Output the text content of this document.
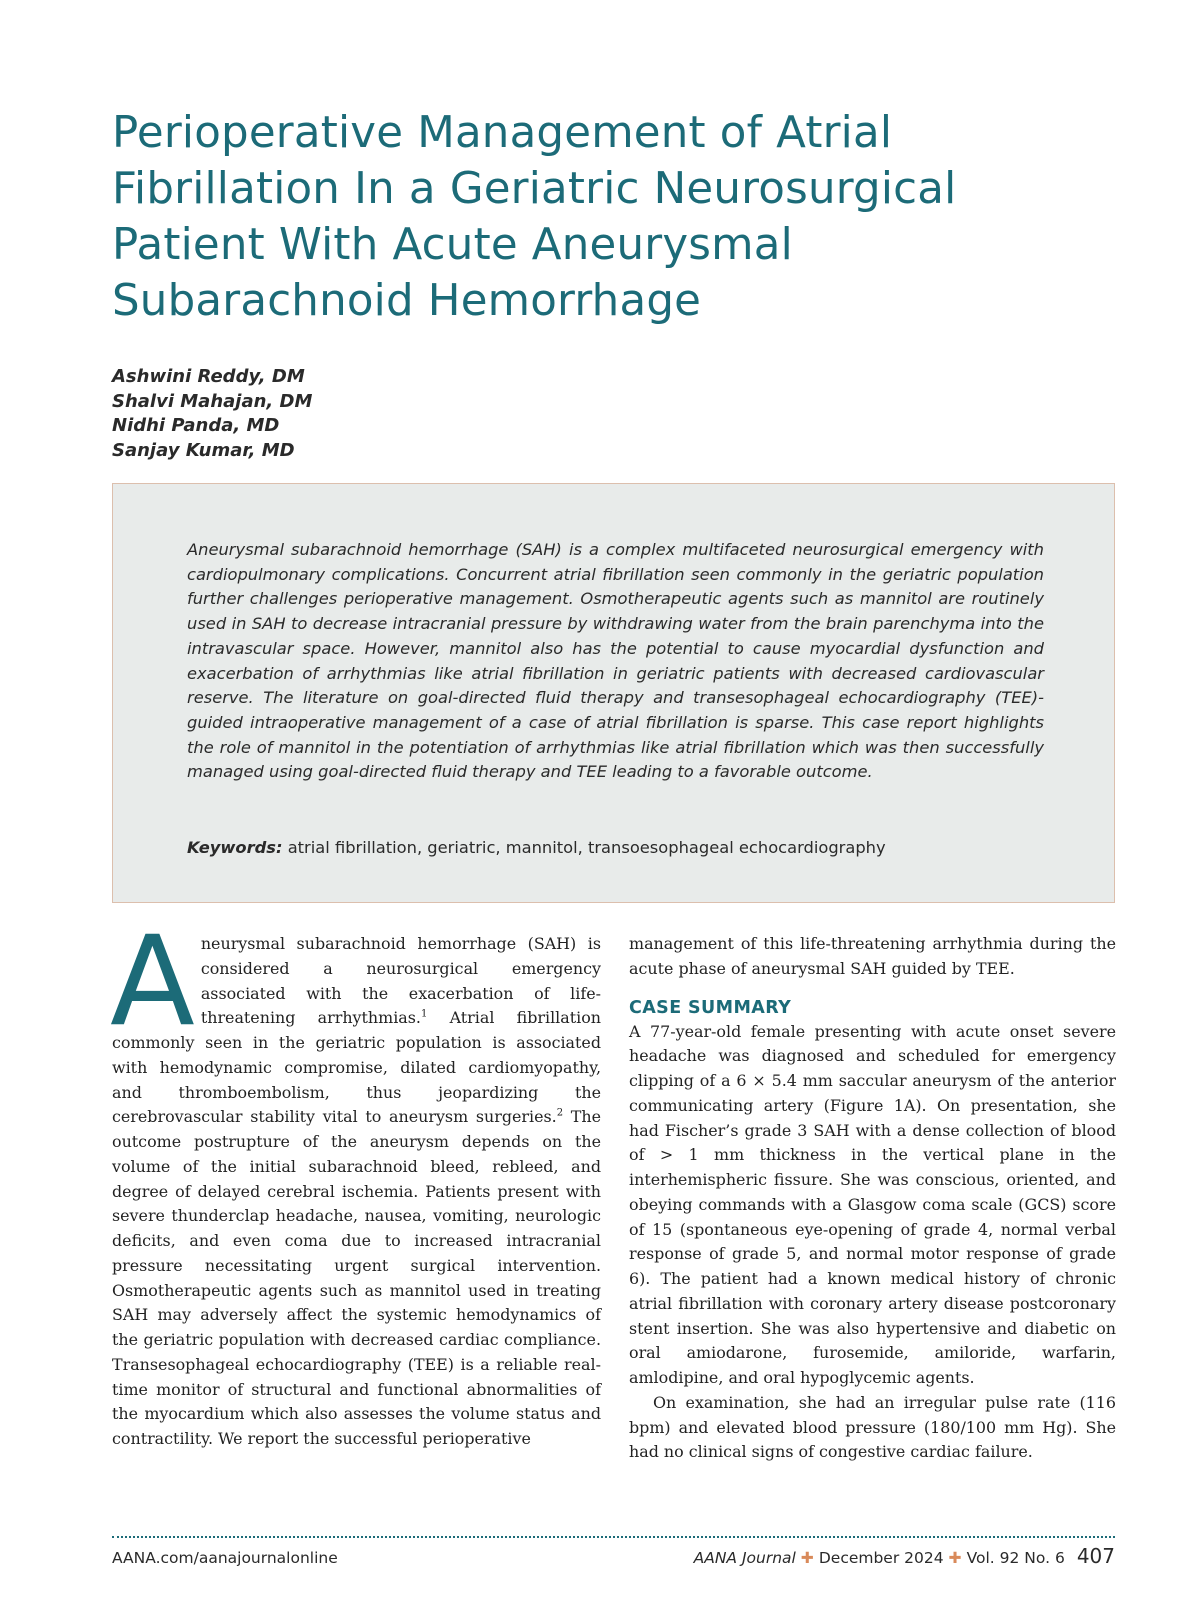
Perioperative Management of Atrial Fibrillation In a Geriatric Neurosurgical Patient With Acute Aneurysmal Subarachnoid Hemorrhage
Ashwini Reddy, DM
Shalvi Mahajan, DM
Nidhi Panda, MD
Sanjay Kumar, MD

Aneurysmal subarachnoid hemorrhage (SAH) is a complex multifaceted neurosurgical emergency with cardiopulmonary complications. Concurrent atrial fibrillation seen commonly in the geriatric population further challenges perioperative management. Osmotherapeutic agents such as mannitol are routinely used in SAH to decrease intracranial pressure by withdrawing water from the brain parenchyma into the intravascular space. However, mannitol also has the potential to cause myocardial dysfunction and exacerbation of arrhythmias like atrial fibrillation in geriatric patients with decreased cardiovascular reserve. The literature on goal-directed fluid therapy and transesophageal echocardiography (TEE)-guided intraoperative management of a case of atrial fibrillation is sparse. This case report highlights the role of mannitol in the potentiation of arrhythmias like atrial fibrillation which was then successfully managed using goal-directed fluid therapy and TEE leading to a favorable outcome.

Keywords: atrial fibrillation, geriatric, mannitol, transoesophageal echocardiography

Aneurysmal subarachnoid hemorrhage (SAH) is considered a neurosurgical emergency associated with the exacerbation of life-threatening arrhythmias.$^1$ Atrial fibrillation commonly seen in the geriatric population is associated with hemodynamic compromise, dilated cardiomyopathy, and thromboembolism, thus jeopardizing the cerebrovascular stability vital to aneurysm surgeries.$^2$ The outcome postrupture of the aneurysm depends on the volume of the initial subarachnoid bleed, rebleed, and degree of delayed cerebral ischemia. Patients present with severe thunderclap headache, nausea, vomiting, neurologic deficits, and even coma due to increased intracranial pressure necessitating urgent surgical intervention. Osmotherapeutic agents such as mannitol used in treating SAH may adversely affect the systemic hemodynamics of the geriatric population with decreased cardiac compliance. Transesophageal echocardiography (TEE) is a reliable real-time monitor of structural and functional abnormalities of the myocardium which also assesses the volume status and contractility. We report the successful perioperative

management of this life-threatening arrhythmia during the acute phase of aneurysmal SAH guided by TEE.

CASE SUMMARY

A 77-year-old female presenting with acute onset severe headache was diagnosed and scheduled for emergency clipping of a 6 × 5.4 mm saccular aneurysm of the anterior communicating artery (Figure 1A). On presentation, she had Fischer’s grade 3 SAH with a dense collection of blood of > 1 mm thickness in the vertical plane in the interhemispheric fissure. She was conscious, oriented, and obeying commands with a Glasgow coma scale (GCS) score of 15 (spontaneous eye-opening of grade 4, normal verbal response of grade 5, and normal motor response of grade 6). The patient had a known medical history of chronic atrial fibrillation with coronary artery disease postcoronary stent insertion. She was also hypertensive and diabetic on oral amiodarone, furosemide, amiloride, warfarin, amlodipine, and oral hypoglycemic agents.

On examination, she had an irregular pulse rate (116 bpm) and elevated blood pressure (180/100 mm Hg). She had no clinical signs of congestive cardiac failure.

AANA.com/aanajournalonline	AANA Journal ✚ December 2024 ✚ Vol. 92 No. 6 407
